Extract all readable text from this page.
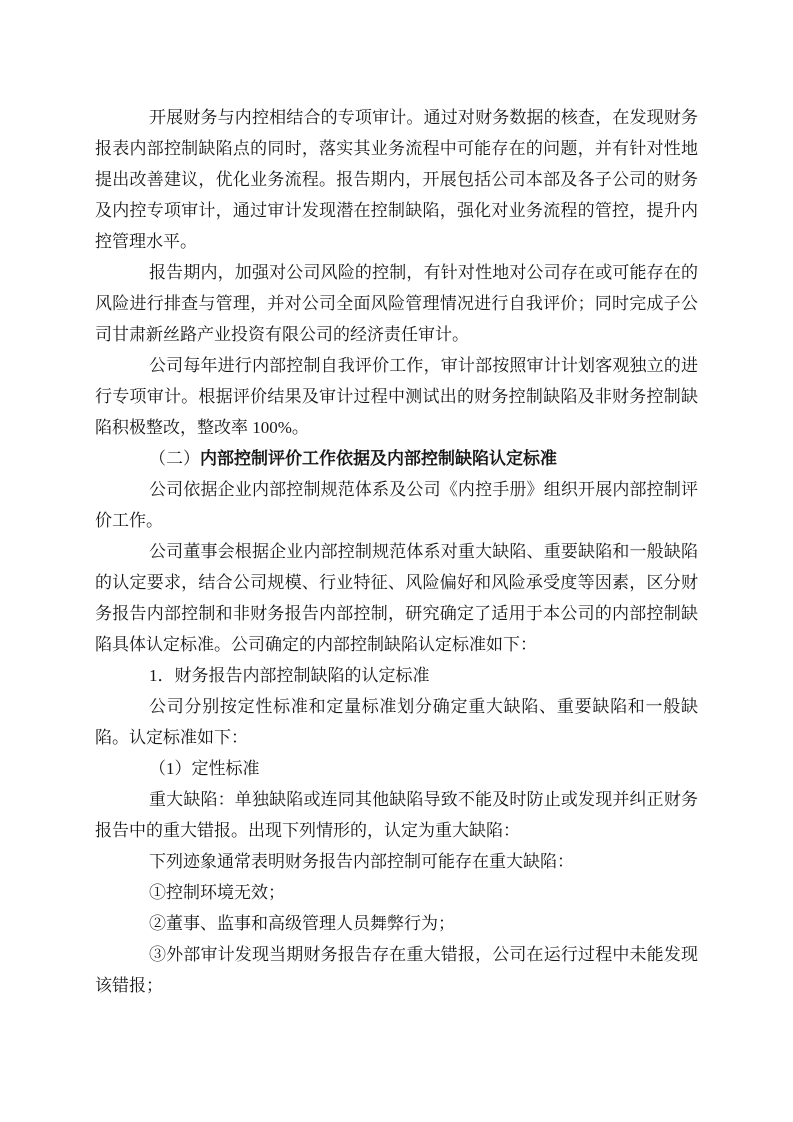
开展财务与内控相结合的专项审计。通过对财务数据的核查，在发现财务报表内部控制缺陷点的同时，落实其业务流程中可能存在的问题，并有针对性地提出改善建议，优化业务流程。报告期内，开展包括公司本部及各子公司的财务及内控专项审计，通过审计发现潜在控制缺陷，强化对业务流程的管控，提升内控管理水平。

报告期内，加强对公司风险的控制，有针对性地对公司存在或可能存在的风险进行排查与管理，并对公司全面风险管理情况进行自我评价；同时完成子公司甘肃新丝路产业投资有限公司的经济责任审计。

公司每年进行内部控制自我评价工作，审计部按照审计计划客观独立的进行专项审计。根据评价结果及审计过程中测试出的财务控制缺陷及非财务控制缺陷积极整改，整改率 100%。

（二）内部控制评价工作依据及内部控制缺陷认定标准

公司依据企业内部控制规范体系及公司《内控手册》组织开展内部控制评价工作。

公司董事会根据企业内部控制规范体系对重大缺陷、重要缺陷和一般缺陷的认定要求，结合公司规模、行业特征、风险偏好和风险承受度等因素，区分财务报告内部控制和非财务报告内部控制，研究确定了适用于本公司的内部控制缺陷具体认定标准。公司确定的内部控制缺陷认定标准如下：

1．财务报告内部控制缺陷的认定标准

公司分别按定性标准和定量标准划分确定重大缺陷、重要缺陷和一般缺陷。认定标准如下：

（1）定性标准

重大缺陷：单独缺陷或连同其他缺陷导致不能及时防止或发现并纠正财务报告中的重大错报。出现下列情形的，认定为重大缺陷：

下列迹象通常表明财务报告内部控制可能存在重大缺陷：

①控制环境无效；

②董事、监事和高级管理人员舞弊行为；

③外部审计发现当期财务报告存在重大错报，公司在运行过程中未能发现该错报；
